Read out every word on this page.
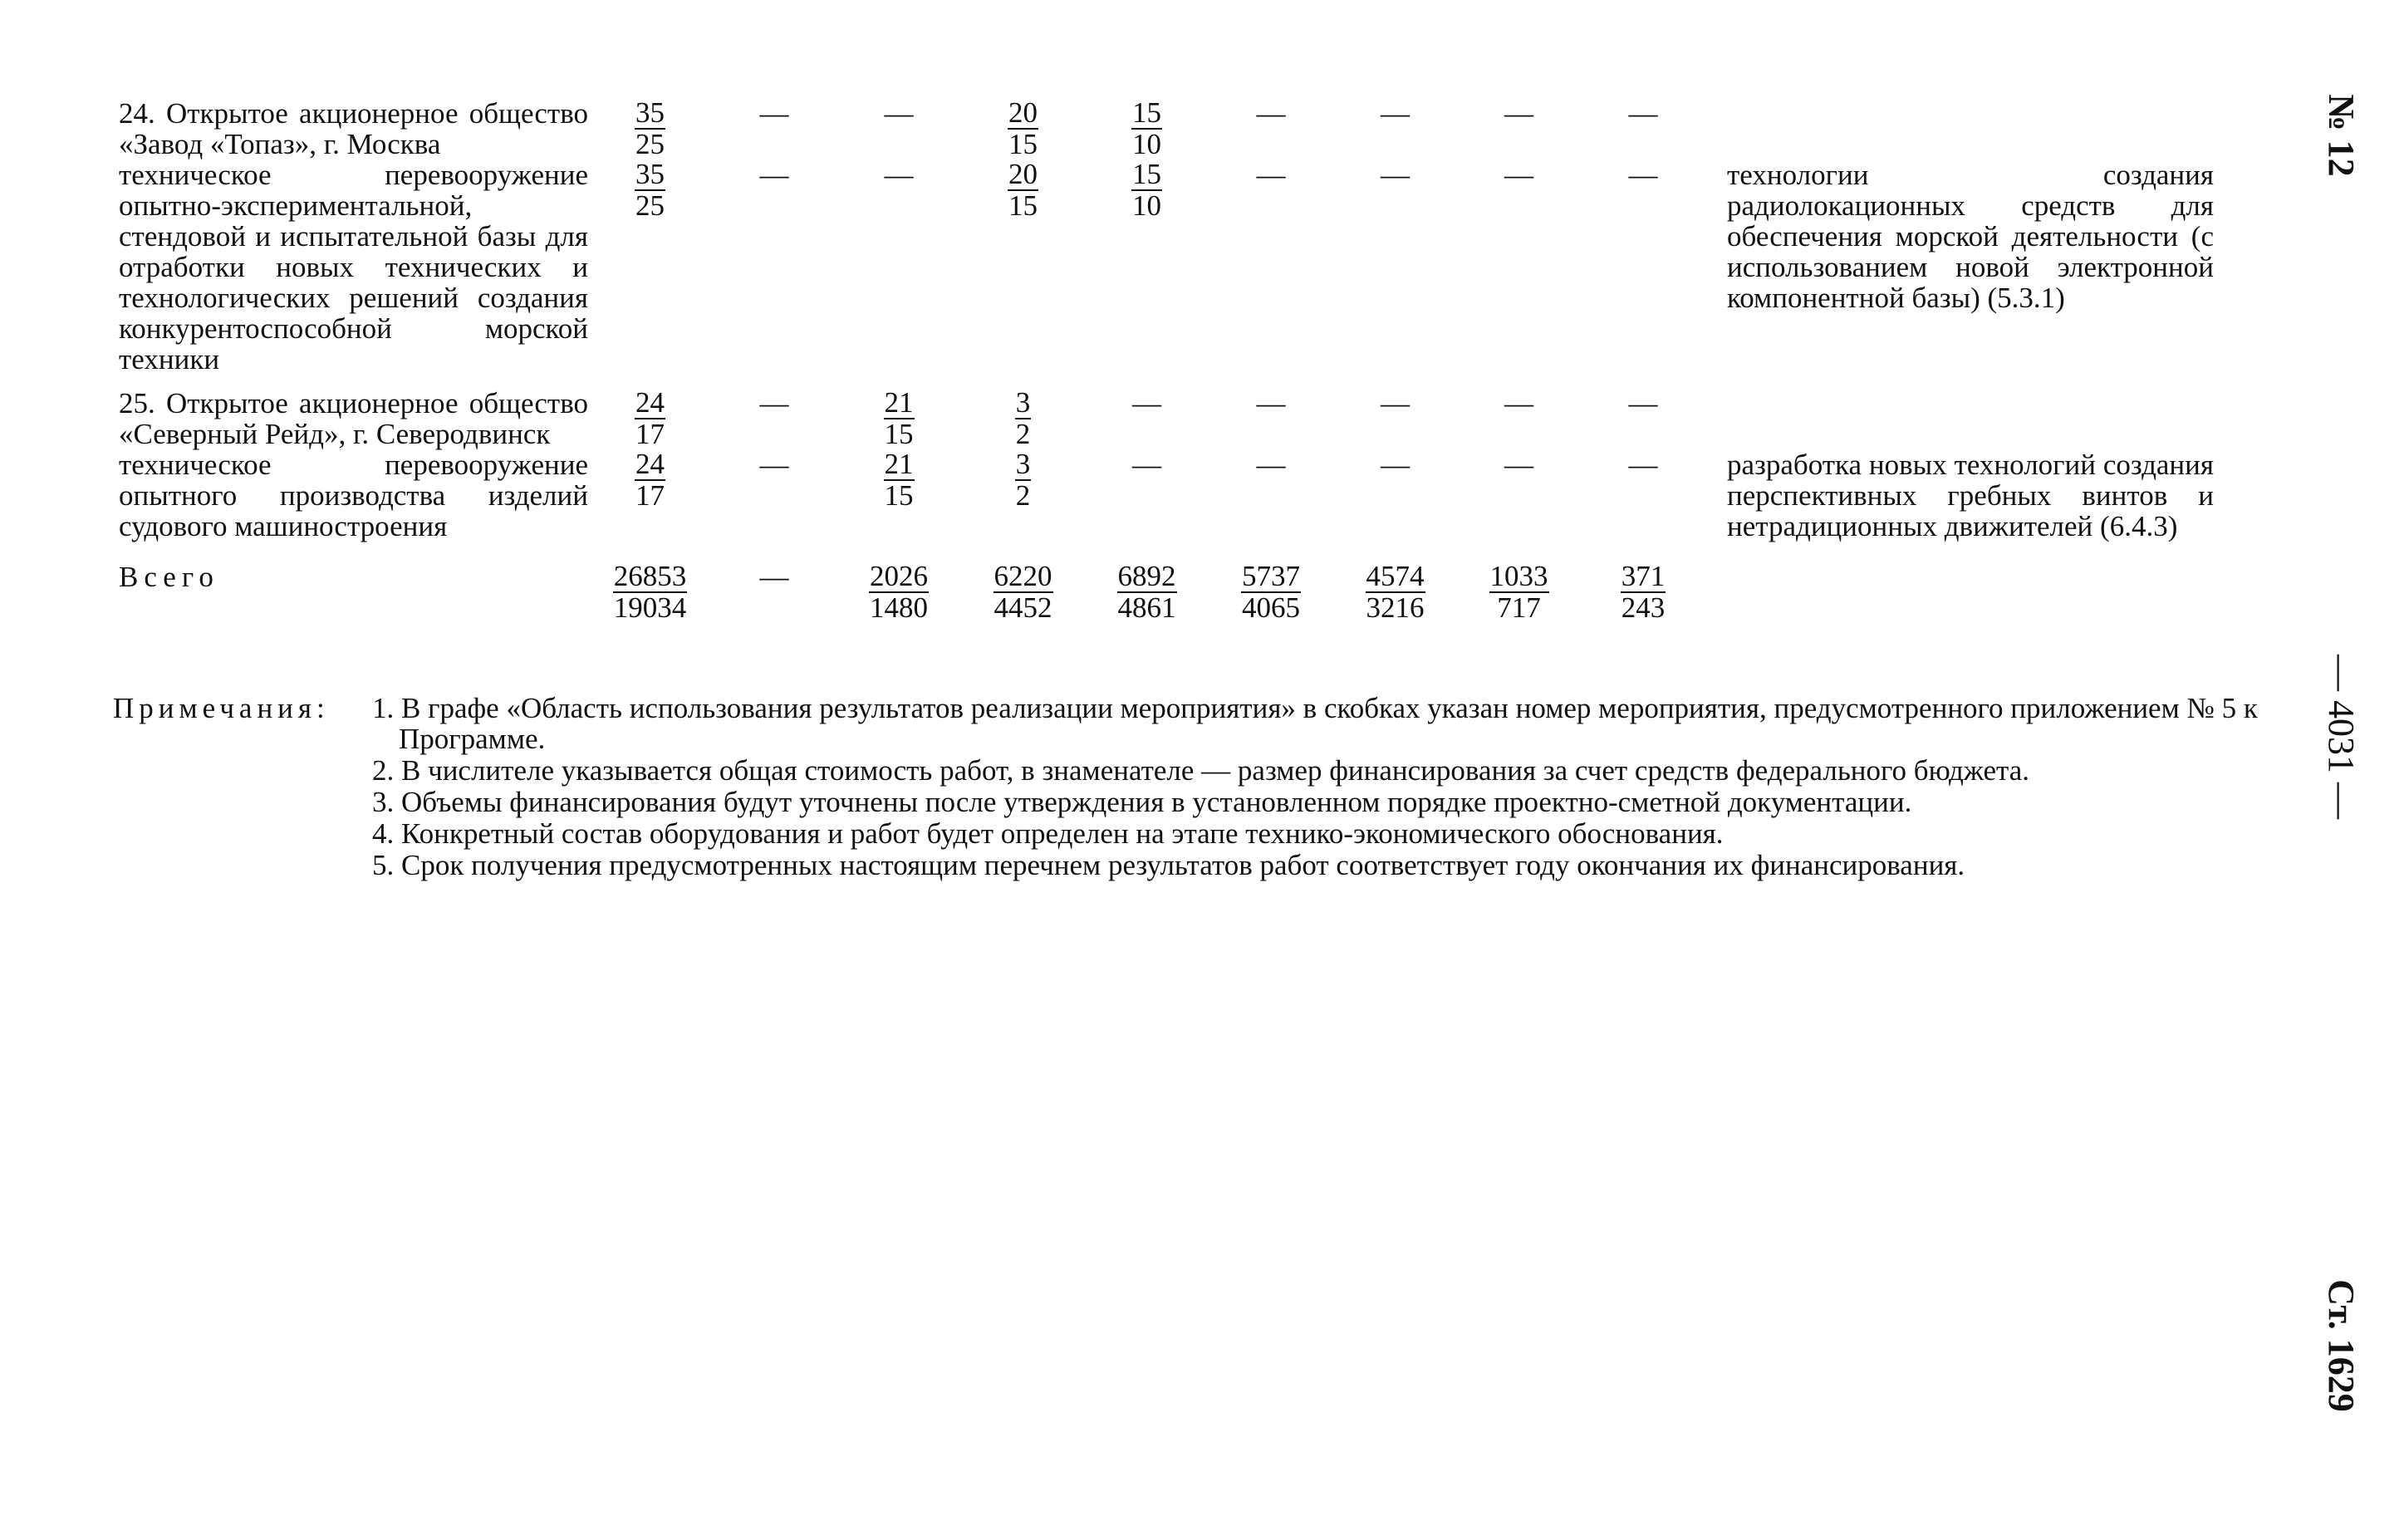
24. Открытое акционерное общество «Завод «Топаз», г. Москва	$\frac{35}{25}$	—	—	$\frac{20}{15}$	$\frac{15}{10}$	—	—	—	—	
техническое перевооружение опытно-экспериментальной, стендовой и испытательной базы для отработки новых технических и технологических решений создания конкурентоспособной морской техники	$\frac{35}{25}$	—	—	$\frac{20}{15}$	$\frac{15}{10}$	—	—	—	—	технологии создания радиолокационных средств для обеспечения морской деятельности (с использованием новой электронной компонентной базы) (5.3.1)
25. Открытое акционерное общество «Северный Рейд», г. Северодвинск	$\frac{24}{17}$	—	$\frac{21}{15}$	$\frac{3}{2}$	—	—	—	—	—	
техническое перевооружение опытного производства изделий судового машиностроения	$\frac{24}{17}$	—	$\frac{21}{15}$	$\frac{3}{2}$	—	—	—	—	—	разработка новых технологий создания перспективных гребных винтов и нетрадиционных движителей (6.4.3)
Всего	$\frac{26853}{19034}$	—	$\frac{2026}{1480}$	$\frac{6220}{4452}$	$\frac{6892}{4861}$	$\frac{5737}{4065}$	$\frac{4574}{3216}$	$\frac{1033}{717}$	$\frac{371}{243}$

Примечания:	1. В графе «Область использования результатов реализации мероприятия» в скобках указан номер мероприятия, предусмотренного приложением № 5 к Программе.
2. В числителе указывается общая стоимость работ, в знаменателе — размер финансирования за счет средств федерального бюджета.
3. Объемы финансирования будут уточнены после утверждения в установленном порядке проектно-сметной документации.
4. Конкретный состав оборудования и работ будет определен на этапе технико-экономического обоснования.
5. Срок получения предусмотренных настоящим перечнем результатов работ соответствует году окончания их финансирования.
№ 12
— 4031 —
Ст. 1629
